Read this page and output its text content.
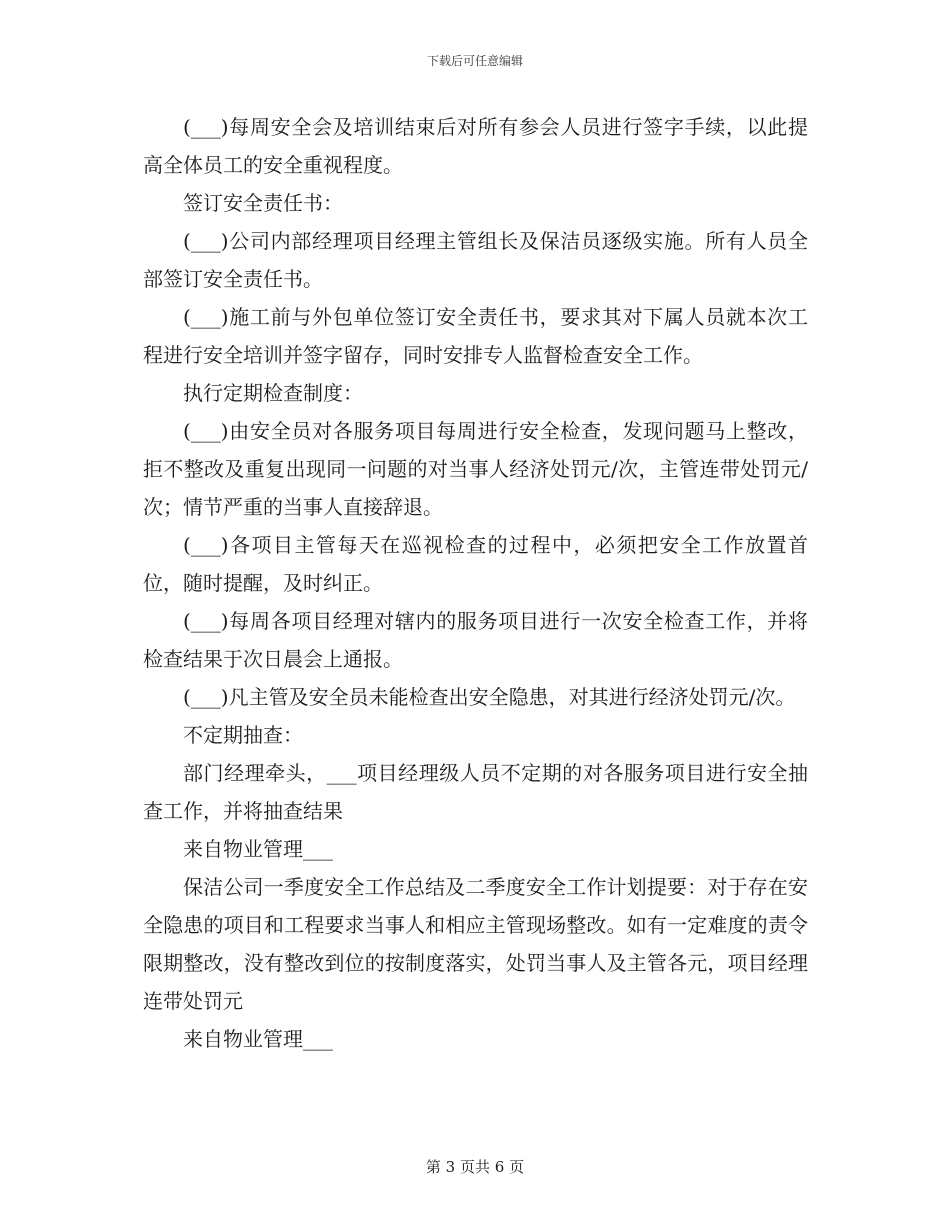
下载后可任意编辑

(___)每周安全会及培训结束后对所有参会人员进行签字手续，以此提高全体员工的安全重视程度。

签订安全责任书：

(___)公司内部经理项目经理主管组长及保洁员逐级实施。所有人员全部签订安全责任书。

(___)施工前与外包单位签订安全责任书，要求其对下属人员就本次工程进行安全培训并签字留存，同时安排专人监督检查安全工作。

执行定期检查制度：

(___)由安全员对各服务项目每周进行安全检查，发现问题马上整改，拒不整改及重复出现同一问题的对当事人经济处罚元/次，主管连带处罚元/次；情节严重的当事人直接辞退。

(___)各项目主管每天在巡视检查的过程中，必须把安全工作放置首位，随时提醒，及时纠正。

(___)每周各项目经理对辖内的服务项目进行一次安全检查工作，并将检查结果于次日晨会上通报。

(___)凡主管及安全员未能检查出安全隐患，对其进行经济处罚元/次。

不定期抽查：

部门经理牵头，___项目经理级人员不定期的对各服务项目进行安全抽查工作，并将抽查结果

来自物业管理___

保洁公司一季度安全工作总结及二季度安全工作计划提要：对于存在安全隐患的项目和工程要求当事人和相应主管现场整改。如有一定难度的责令限期整改，没有整改到位的按制度落实，处罚当事人及主管各元，项目经理连带处罚元

来自物业管理___

第 3 页共 6 页
